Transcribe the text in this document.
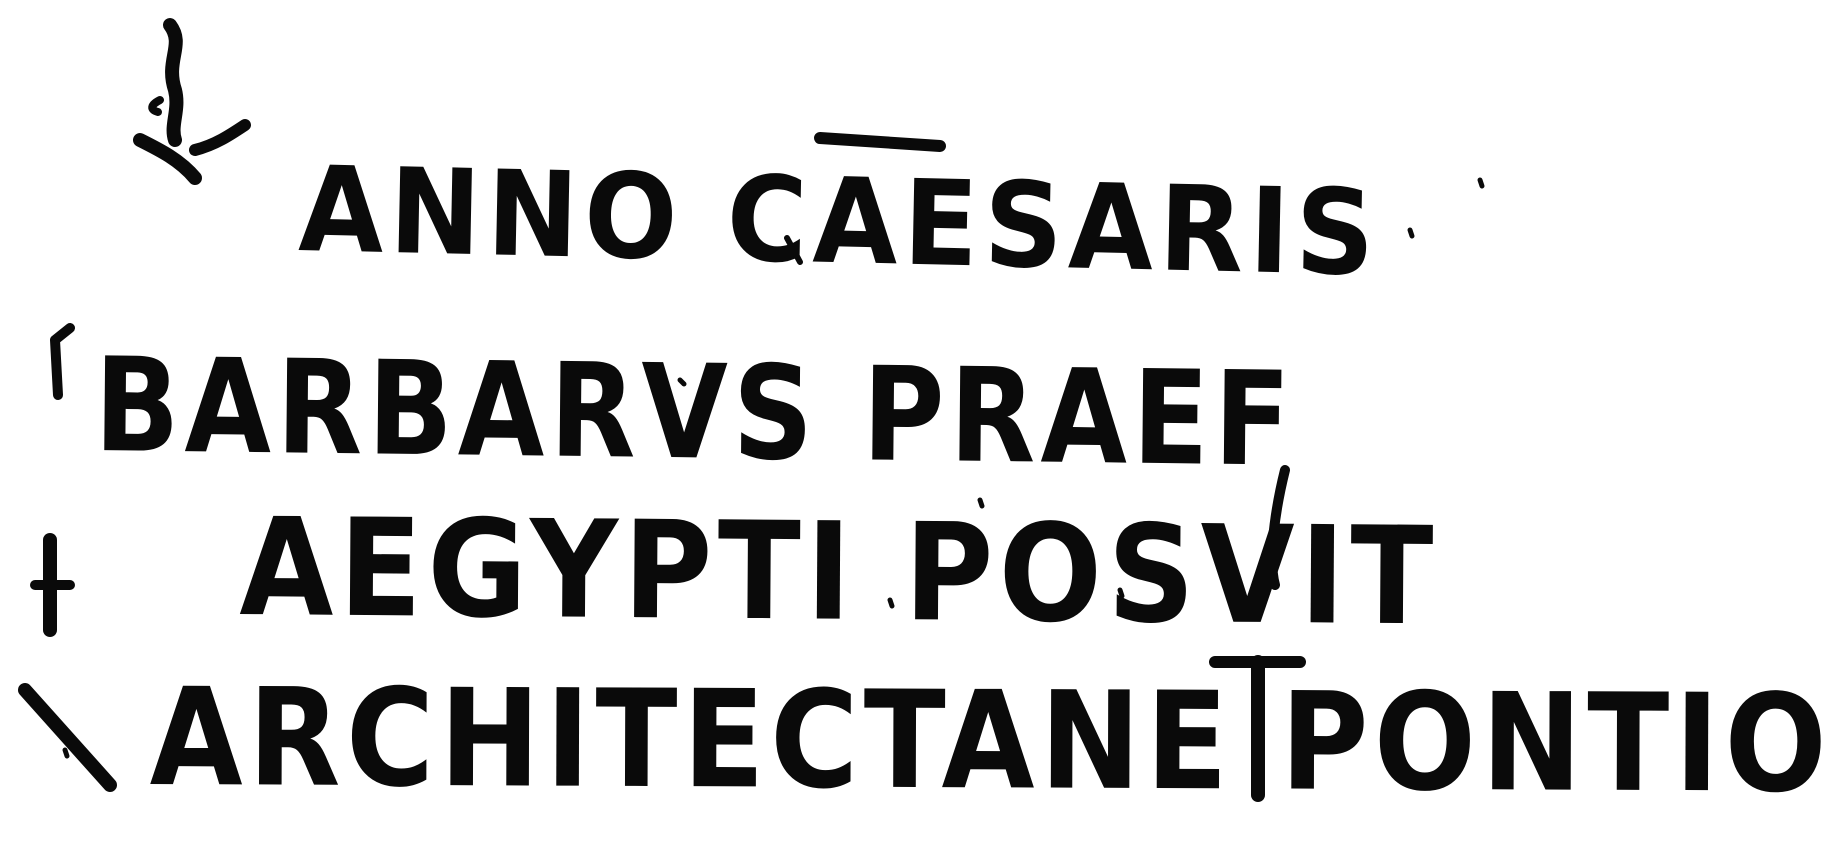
ANNO CAESARIS
BARBARVS PRAEF
AEGYPTI POSVIT
ARCHITECTANE PONTIO
